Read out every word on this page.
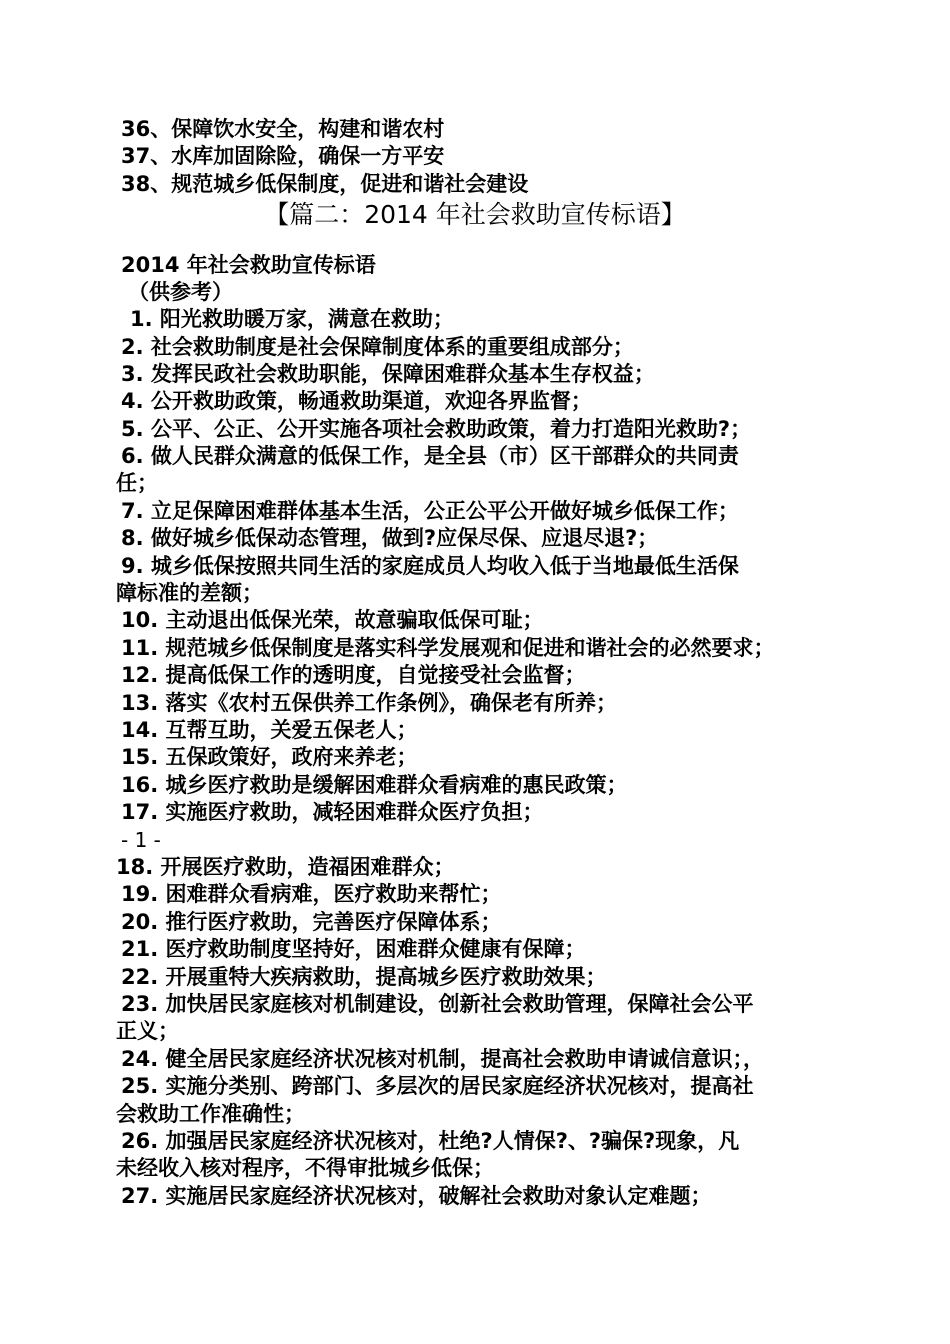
36、保障饮水安全，构建和谐农村
37、水库加固除险，确保一方平安
38、规范城乡低保制度，促进和谐社会建设
【篇二：2014 年社会救助宣传标语】
2014 年社会救助宣传标语
（供参考）
1. 阳光救助暖万家，满意在救助；
2. 社会救助制度是社会保障制度体系的重要组成部分；
3. 发挥民政社会救助职能，保障困难群众基本生存权益；
4. 公开救助政策，畅通救助渠道，欢迎各界监督；
5. 公平、公正、公开实施各项社会救助政策，着力打造阳光救助?；
6. 做人民群众满意的低保工作，是全县（市）区干部群众的共同责
任；
7. 立足保障困难群体基本生活，公正公平公开做好城乡低保工作；
8. 做好城乡低保动态管理，做到?应保尽保、应退尽退?；
9. 城乡低保按照共同生活的家庭成员人均收入低于当地最低生活保
障标准的差额；
10. 主动退出低保光荣，故意骗取低保可耻；
11. 规范城乡低保制度是落实科学发展观和促进和谐社会的必然要求；
12. 提高低保工作的透明度，自觉接受社会监督；
13. 落实《农村五保供养工作条例》，确保老有所养；
14. 互帮互助，关爱五保老人；
15. 五保政策好，政府来养老；
16. 城乡医疗救助是缓解困难群众看病难的惠民政策；
17. 实施医疗救助，减轻困难群众医疗负担；
- 1 -
18. 开展医疗救助，造福困难群众；
19. 困难群众看病难，医疗救助来帮忙；
20. 推行医疗救助，完善医疗保障体系；
21. 医疗救助制度坚持好，困难群众健康有保障；
22. 开展重特大疾病救助，提高城乡医疗救助效果；
23. 加快居民家庭核对机制建设，创新社会救助管理，保障社会公平
正义；
24. 健全居民家庭经济状况核对机制，提高社会救助申请诚信意识；，
25. 实施分类别、跨部门、多层次的居民家庭经济状况核对，提高社
会救助工作准确性；
26. 加强居民家庭经济状况核对，杜绝?人情保?、?骗保?现象，凡
未经收入核对程序，不得审批城乡低保；
27. 实施居民家庭经济状况核对，破解社会救助对象认定难题；
